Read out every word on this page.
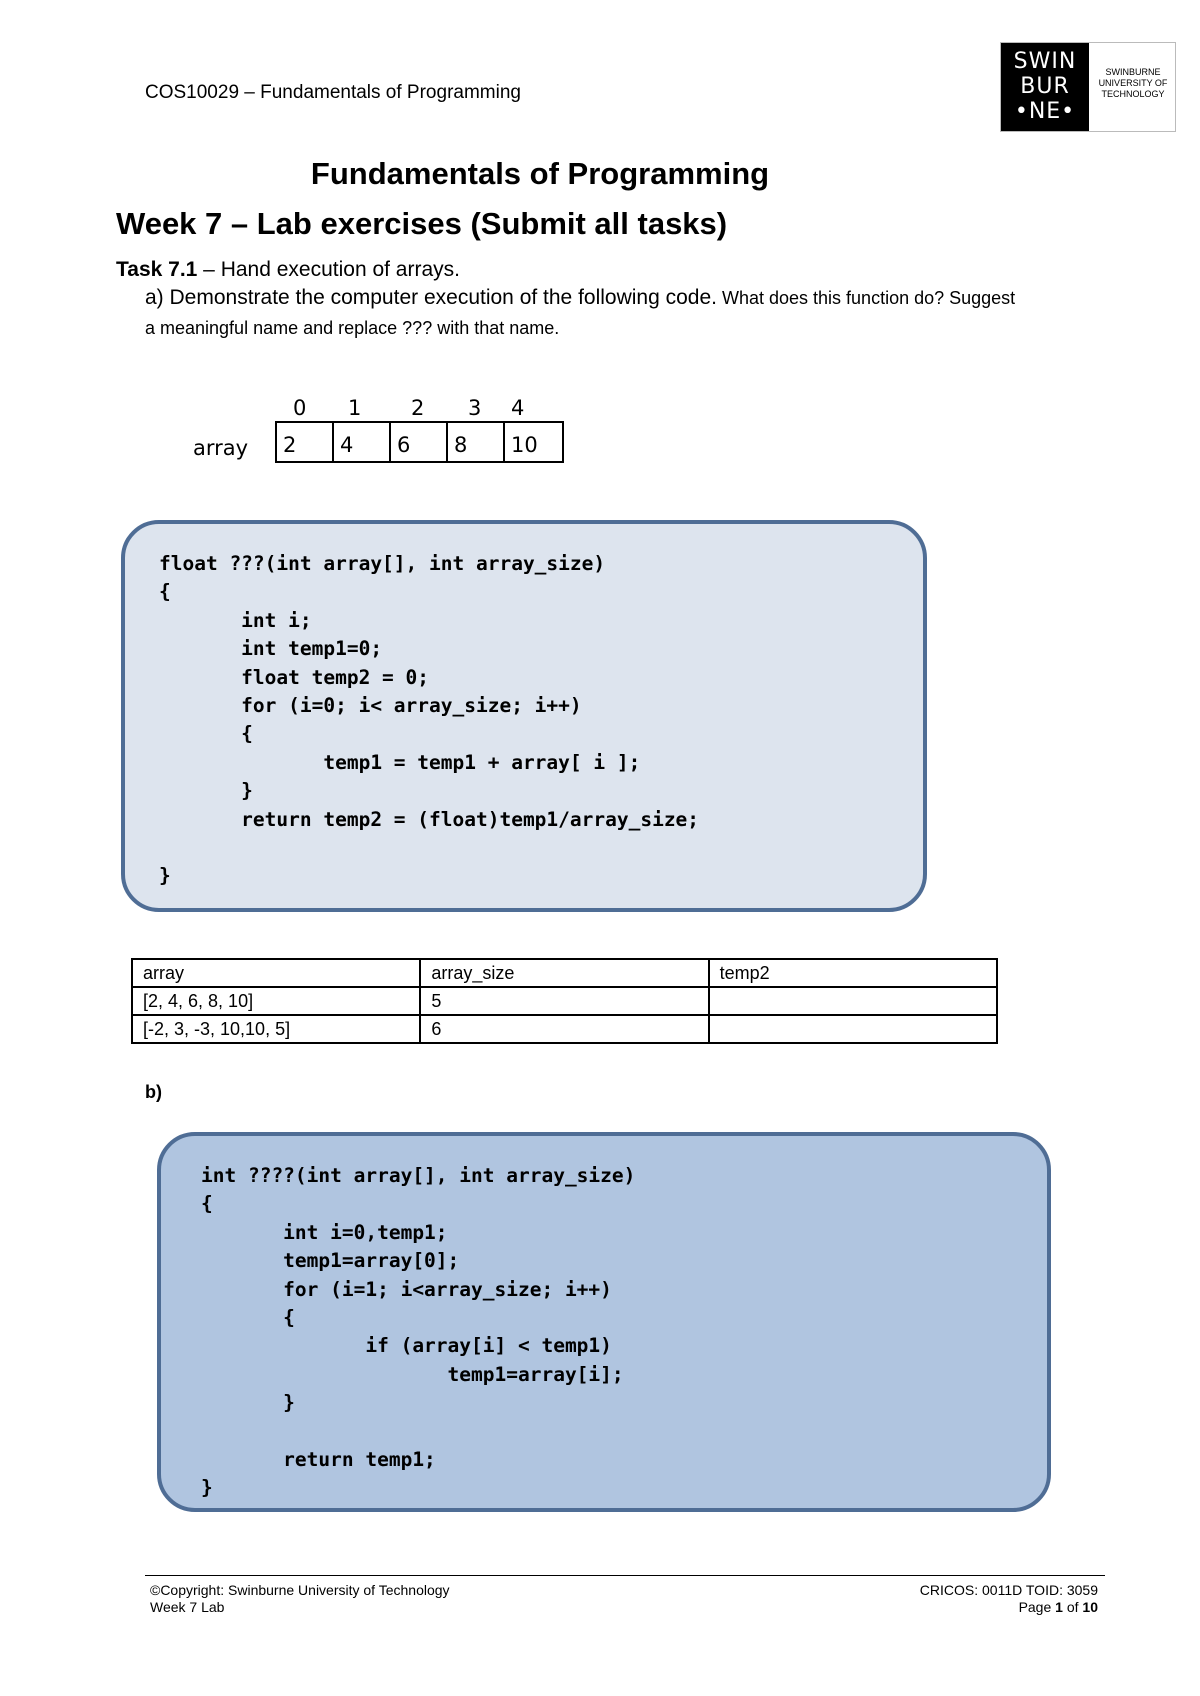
COS10029 – Fundamentals of Programming
SWIN
BUR
•NE•
SWINBURNE
UNIVERSITY OF
TECHNOLOGY
Fundamentals of Programming
Week 7 – Lab exercises (Submit all tasks)
Task 7.1 – Hand execution of arrays.
a) Demonstrate the computer execution of the following code. What does this function do? Suggest
a meaningful name and replace ??? with that name.
0 1 2 3 4
array 2	4	6	8	10
float ???(int array[], int array_size)
{
int i;
int temp1=0;
float temp2 = 0;
for (i=0; i< array_size; i++)
{
temp1 = temp1 + array[ i ];
}
return temp2 = (float)temp1/array_size;

}
array	array_size	temp2
[2, 4, 6, 8, 10]	5	
[-2, 3, -3, 10,10, 5]	6	
b)
int ????(int array[], int array_size)
{
int i=0,temp1;
temp1=array[0];
for (i=1; i<array_size; i++)
{
if (array[i] < temp1)
temp1=array[i];
}

return temp1;
}
©Copyright: Swinburne University of Technology
Week 7 Lab
CRICOS: 0011D TOID: 3059
Page 1 of 10
